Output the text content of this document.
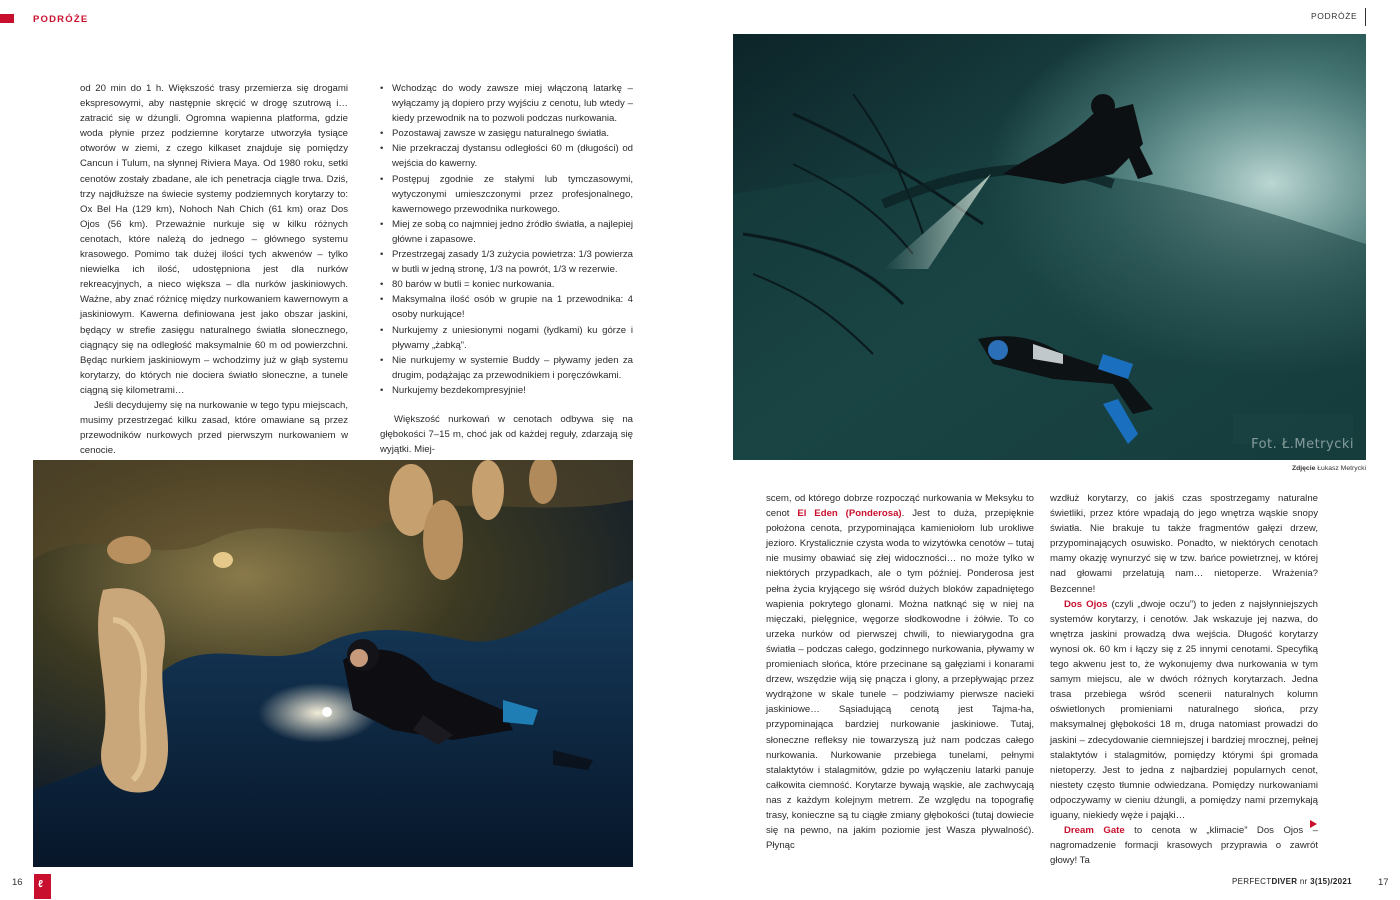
PODRÓŻE	PODRÓŻE

od 20 min do 1 h. Większość trasy przemierza się drogami ekspresowymi, aby następnie skręcić w drogę szutrową i… zatracić się w dżungli. Ogromna wapienna platforma, gdzie woda płynie przez podziemne korytarze utworzyła tysiące otworów w ziemi, z czego kilkaset znajduje się pomiędzy Cancun i Tulum, na słynnej Riviera Maya. Od 1980 roku, setki cenotów zostały zbadane, ale ich penetracja ciągle trwa. Dziś, trzy najdłuższe na świecie systemy podziemnych korytarzy to: Ox Bel Ha (129 km), Nohoch Nah Chich (61 km) oraz Dos Ojos (56 km). Przeważnie nurkuje się w kilku różnych cenotach, które należą do jednego – głównego systemu krasowego. Pomimo tak dużej ilości tych akwenów – tylko niewielka ich ilość, udostępniona jest dla nurków rekreacyjnych, a nieco większa – dla nurków jaskiniowych. Ważne, aby znać różnicę między nurkowaniem kawernowym a jaskiniowym. Kawerna definiowana jest jako obszar jaskini, będący w strefie zasięgu naturalnego światła słonecznego, ciągnący się na odległość maksymalnie 60 m od powierzchni. Będąc nurkiem jaskiniowym – wchodzimy już w głąb systemu korytarzy, do których nie dociera światło słoneczne, a tunele ciągną się kilometrami…

Jeśli decydujemy się na nurkowanie w tego typu miejscach, musimy przestrzegać kilku zasad, które omawiane są przez przewodników nurkowych przed pierwszym nurkowaniem w cenocie.

• Wchodząc do wody zawsze miej włączoną latarkę – wyłączamy ją dopiero przy wyjściu z cenotu, lub wtedy – kiedy przewodnik na to pozwoli podczas nurkowania.
• Pozostawaj zawsze w zasięgu naturalnego światła.
• Nie przekraczaj dystansu odległości 60 m (długości) od wejścia do kawerny.
• Postępuj zgodnie ze stałymi lub tymczasowymi, wytyczonymi umieszczonymi przez profesjonalnego, kawernowego przewodnika nurkowego.
• Miej ze sobą co najmniej jedno źródło światła, a najlepiej główne i zapasowe.
• Przestrzegaj zasady 1/3 zużycia powietrza: 1/3 powierza w butli w jedną stronę, 1/3 na powrót, 1/3 w rezerwie.
• 80 barów w butli = koniec nurkowania.
• Maksymalna ilość osób w grupie na 1 przewodnika: 4 osoby nurkujące!
• Nurkujemy z uniesionymi nogami (łydkami) ku górze i pływamy „żabką”.
• Nie nurkujemy w systemie Buddy – pływamy jeden za drugim, podążając za przewodnikiem i poręczówkami.
• Nurkujemy bezdekompresyjnie!

Większość nurkowań w cenotach odbywa się na głębokości 7–15 m, choć jak od każdej reguły, zdarzają się wyjątki. Miej-	Fot. Ł.Metrycki
Zdjęcie Łukasz Metrycki

scem, od którego dobrze rozpocząć nurkowania w Meksyku to cenot El Eden (Ponderosa). Jest to duża, przepięknie położona cenota, przypominająca kamieniołom lub urokliwe jezioro. Krystalicznie czysta woda to wizytówka cenotów – tutaj nie musimy obawiać się złej widoczności… no może tylko w niektórych przypadkach, ale o tym później. Ponderosa jest pełna życia kryjącego się wśród dużych bloków zapadniętego wapienia pokrytego glonami. Można natknąć się w niej na mięczaki, pielęgnice, węgorze słodkowodne i żółwie. To co urzeka nurków od pierwszej chwili, to niewiarygodna gra światła – podczas całego, godzinnego nurkowania, pływamy w promieniach słońca, które przecinane są gałęziami i konarami drzew, wszędzie wiją się pnącza i glony, a przepływając przez wydrążone w skale tunele – podziwiamy pierwsze nacieki jaskiniowe… Sąsiadującą cenotą jest Tajma-ha, przypominająca bardziej nurkowanie jaskiniowe. Tutaj, słoneczne refleksy nie towarzyszą już nam podczas całego nurkowania. Nurkowanie przebiega tunelami, pełnymi stalaktytów i stalagmitów, gdzie po wyłączeniu latarki panuje całkowita ciemność. Korytarze bywają wąskie, ale zachwycają nas z każdym kolejnym metrem. Ze względu na topografię trasy, konieczne są tu ciągłe zmiany głębokości (tutaj dowiecie się na pewno, na jakim poziomie jest Wasza pływalność). Płynąc

wzdłuż korytarzy, co jakiś czas spostrzegamy naturalne świetliki, przez które wpadają do jego wnętrza wąskie snopy światła. Nie brakuje tu także fragmentów gałęzi drzew, przypominających osuwisko. Ponadto, w niektórych cenotach mamy okazję wynurzyć się w tzw. bańce powietrznej, w której nad głowami przelatują nam… nietoperze. Wrażenia? Bezcenne!

Dos Ojos (czyli „dwoje oczu”) to jeden z najsłynniejszych systemów korytarzy, i cenotów. Jak wskazuje jej nazwa, do wnętrza jaskini prowadzą dwa wejścia. Długość korytarzy wynosi ok. 60 km i łączy się z 25 innymi cenotami. Specyfiką tego akwenu jest to, że wykonujemy dwa nurkowania w tym samym miejscu, ale w dwóch różnych korytarzach. Jedna trasa przebiega wśród scenerii naturalnych kolumn oświetlonych promieniami naturalnego słońca, przy maksymalnej głębokości 18 m, druga natomiast prowadzi do jaskini – zdecydowanie ciemniejszej i bardziej mrocznej, pełnej stalaktytów i stalagmitów, pomiędzy którymi śpi gromada nietoperzy. Jest to jedna z najbardziej popularnych cenot, niestety często tłumnie odwiedzana. Pomiędzy nurkowaniami odpoczywamy w cieniu dżungli, a pomiędzy nami przemykają iguany, niekiedy węże i pająki…

Dream Gate to cenota w „klimacie” Dos Ojos – nagromadzenie formacji krasowych przyprawia o zawrót głowy! Ta

16 ℓ	PERFECTDIVER nr 3(15)/2021	17
